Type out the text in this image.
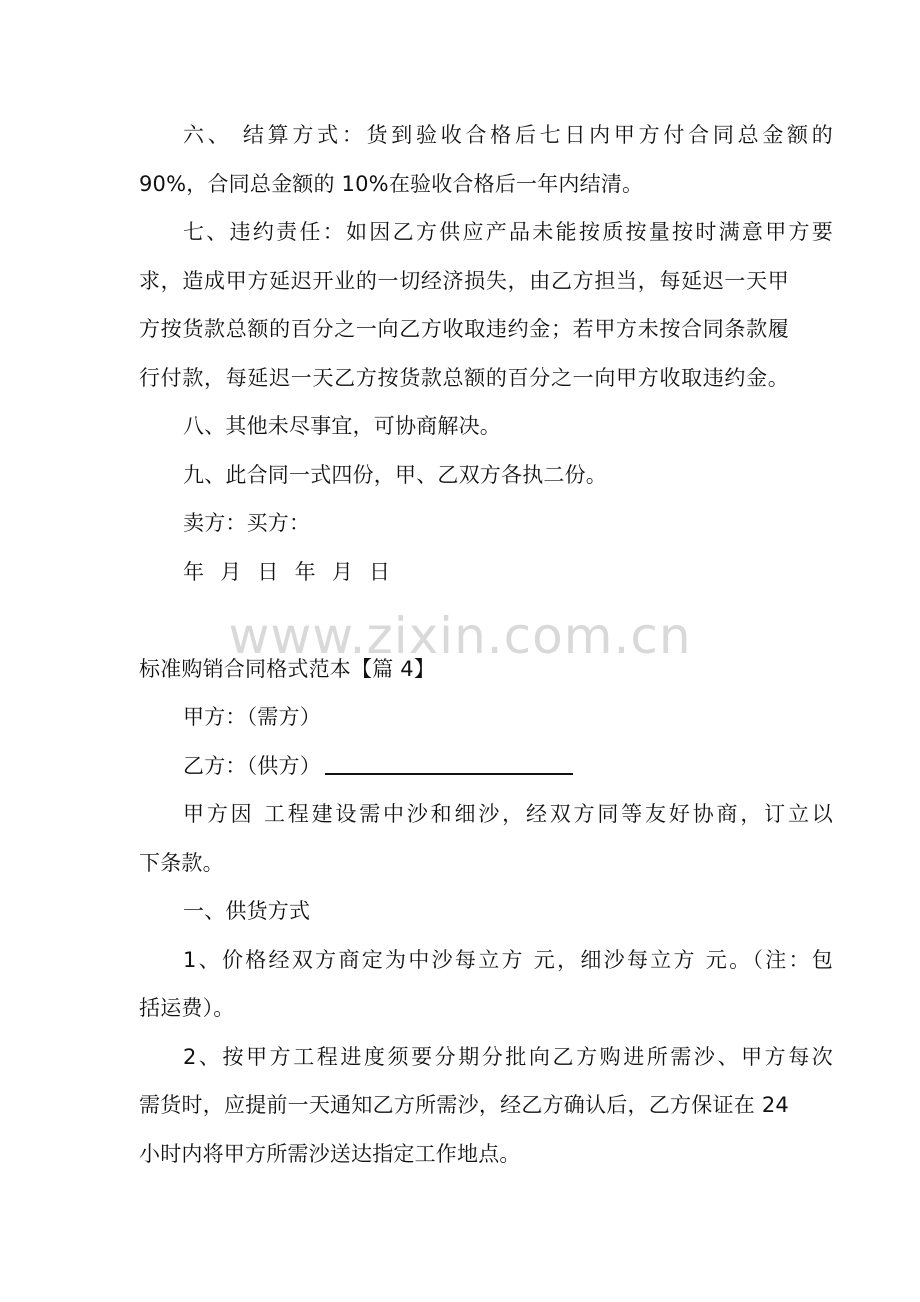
六、 结算方式：货到验收合格后七日内甲方付合同总金额的
90%，合同总金额的 10%在验收合格后一年内结清。
七、违约责任：如因乙方供应产品未能按质按量按时满意甲方要
求，造成甲方延迟开业的一切经济损失，由乙方担当，每延迟一天甲
方按货款总额的百分之一向乙方收取违约金；若甲方未按合同条款履
行付款，每延迟一天乙方按货款总额的百分之一向甲方收取违约金。
八、其他未尽事宜，可协商解决。
九、此合同一式四份，甲、乙双方各执二份。
卖方：买方：
年 月 日 年 月 日
www.zixin.com.cn
标准购销合同格式范本【篇 4】
甲方：（需方）
乙方：（供方）
甲方因 工程建设需中沙和细沙，经双方同等友好协商，订立以
下条款。
一、供货方式
1、价格经双方商定为中沙每立方 元，细沙每立方 元。（注：包
括运费）。
2、按甲方工程进度须要分期分批向乙方购进所需沙、甲方每次
需货时，应提前一天通知乙方所需沙，经乙方确认后，乙方保证在 24
小时内将甲方所需沙送达指定工作地点。
